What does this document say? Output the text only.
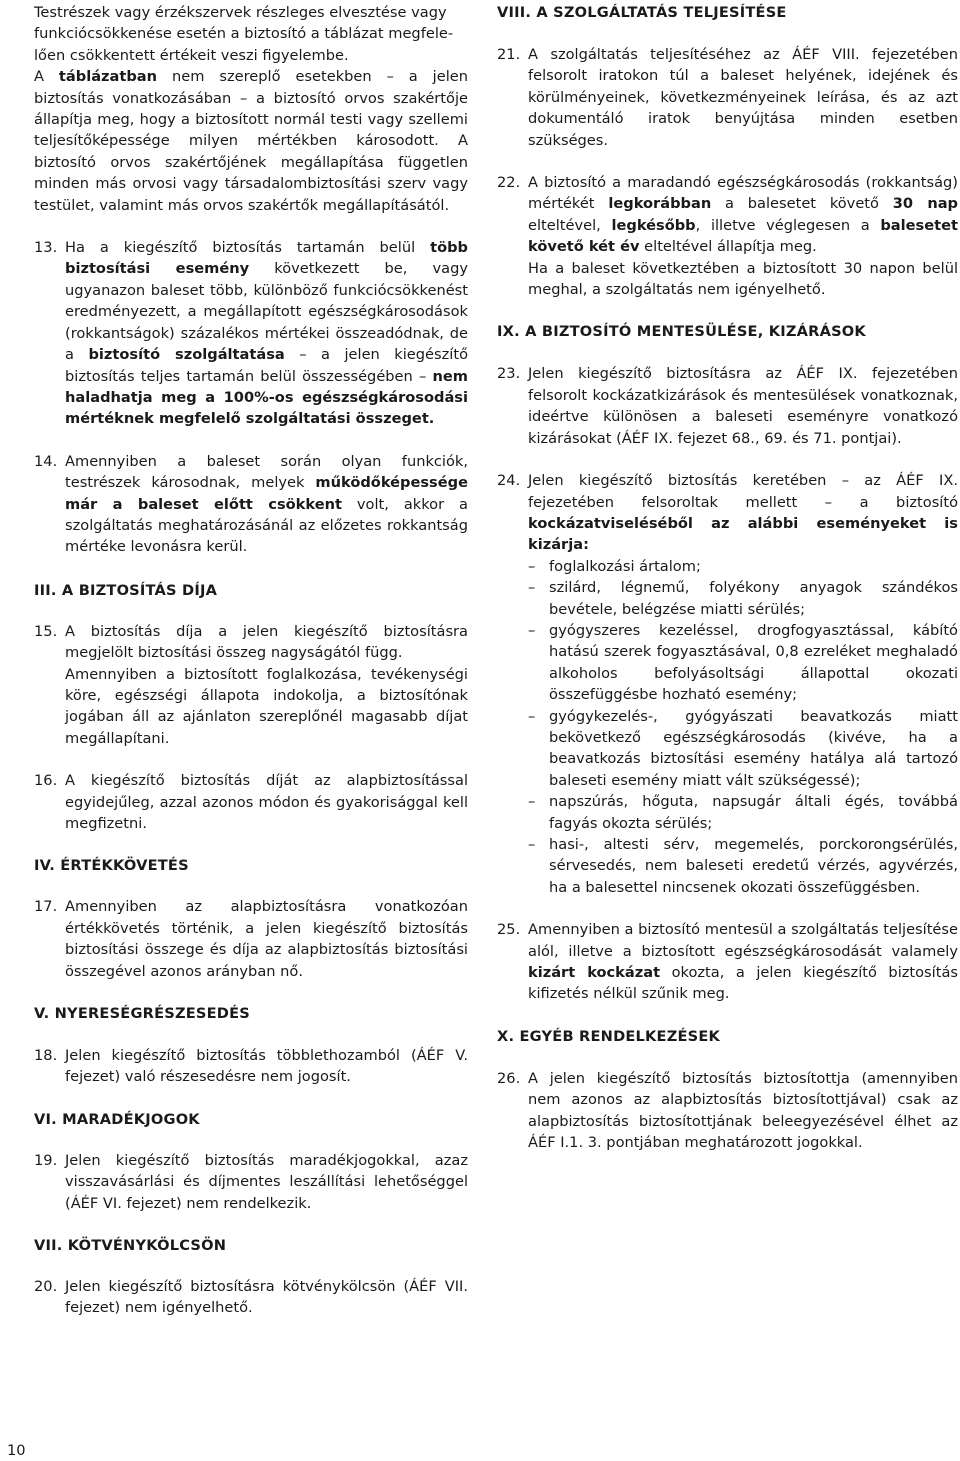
Testrészek vagy érzékszervek részleges elvesztése vagy
funkciócsökkenése esetén a biztosító a táblázat megfele-
lően csökkentett értékeit veszi figyelembe.

A táblázatban nem szereplő esetekben – a jelen biztosítás vonatkozásában – a biztosító orvos szakértője állapítja meg, hogy a biztosított normál testi vagy szellemi teljesítőképessége milyen mértékben károsodott. A biztosító orvos szakértőjének megállapítása független minden más orvosi vagy társadalombiztosítási szerv vagy testület, valamint más orvos szakértők megállapításától.

13. Ha a kiegészítő biztosítás tartamán belül több biztosítási esemény következett be, vagy ugyanazon baleset több, különböző funkciócsökkenést eredményezett, a megállapított egészségkárosodások (rokkantságok) százalékos mértékei összeadódnak, de a biztosító szolgáltatása – a jelen kiegészítő biztosítás teljes tartamán belül összességében – nem haladhatja meg a 100%-os egészségkárosodási mértéknek megfelelő szolgáltatási összeget.

14. Amennyiben a baleset során olyan funkciók, testrészek károsodnak, melyek működőképessége már a baleset előtt csökkent volt, akkor a szolgáltatás meghatározásánál az előzetes rokkantság mértéke levonásra kerül.

III. A BIZTOSÍTÁS DÍJA
15. A biztosítás díja a jelen kiegészítő biztosításra megjelölt biztosítási összeg nagyságától függ.

Amennyiben a biztosított foglalkozása, tevékenységi köre, egészségi állapota indokolja, a biztosítónak jogában áll az ajánlaton szereplőnél magasabb díjat megállapítani.

16. A kiegészítő biztosítás díját az alapbiztosítással egyidejűleg, azzal azonos módon és gyakorisággal kell megfizetni.

IV. ÉRTÉKKÖVETÉS
17. Amennyiben az alapbiztosításra vonatkozóan értékkövetés történik, a jelen kiegészítő biztosítás biztosítási összege és díja az alapbiztosítás biztosítási összegével azonos arányban nő.

V. NYERESÉGRÉSZESEDÉS
18. Jelen kiegészítő biztosítás többlethozamból (ÁÉF V. fejezet) való részesedésre nem jogosít.

VI. MARADÉKJOGOK
19. Jelen kiegészítő biztosítás maradékjogokkal, azaz visszavásárlási és díjmentes leszállítási lehetőséggel (ÁÉF VI. fejezet) nem rendelkezik.

VII. KÖTVÉNYKÖLCSÖN
20. Jelen kiegészítő biztosításra kötvénykölcsön (ÁÉF VII. fejezet) nem igényelhető.

VIII. A SZOLGÁLTATÁS TELJESÍTÉSE
21. A szolgáltatás teljesítéséhez az ÁÉF VIII. fejezetében felsorolt iratokon túl a baleset helyének, idejének és körülményeinek, következményeinek leírása, és az azt dokumentáló iratok benyújtása minden esetben szükséges.

22. A biztosító a maradandó egészségkárosodás (rokkantság) mértékét legkorábban a balesetet követő 30 nap elteltével, legkésőbb, illetve véglegesen a balesetet követő két év elteltével állapítja meg.

Ha a baleset következtében a biztosított 30 napon belül meghal, a szolgáltatás nem igényelhető.

IX. A BIZTOSÍTÓ MENTESÜLÉSE, KIZÁRÁSOK
23. Jelen kiegészítő biztosításra az ÁÉF IX. fejezetében felsorolt kockázatkizárások és mentesülések vonatkoznak, ideértve különösen a baleseti eseményre vonatkozó kizárásokat (ÁÉF IX. fejezet 68., 69. és 71. pontjai).

24. Jelen kiegészítő biztosítás keretében – az ÁÉF IX. fejezetében felsoroltak mellett – a biztosító kockázatviseléséből az alábbi eseményeket is kizárja:

– foglalkozási ártalom;
– szilárd, légnemű, folyékony anyagok szándékos bevétele, belégzése miatti sérülés;
– gyógyszeres kezeléssel, drogfogyasztással, kábító hatású szerek fogyasztásával, 0,8 ezreléket meghaladó alkoholos befolyásoltsági állapottal okozati összefüggésbe hozható esemény;
– gyógykezelés-, gyógyászati beavatkozás miatt bekövetkező egészségkárosodás (kivéve, ha a beavatkozás biztosítási esemény hatálya alá tartozó baleseti esemény miatt vált szükségessé);
– napszúrás, hőguta, napsugár általi égés, továbbá fagyás okozta sérülés;
– hasi-, altesti sérv, megemelés, porckorongsérülés, sérvesedés, nem baleseti eredetű vérzés, agyvérzés, ha a balesettel nincsenek okozati összefüggésben.
25. Amennyiben a biztosító mentesül a szolgáltatás teljesítése alól, illetve a biztosított egészségkárosodását valamely kizárt kockázat okozta, a jelen kiegészítő biztosítás kifizetés nélkül szűnik meg.

X. EGYÉB RENDELKEZÉSEK
26. A jelen kiegészítő biztosítás biztosítottja (amennyiben nem azonos az alapbiztosítás biztosítottjával) csak az alapbiztosítás biztosítottjának beleegyezésével élhet az ÁÉF I.1. 3. pontjában meghatározott jogokkal.

10
